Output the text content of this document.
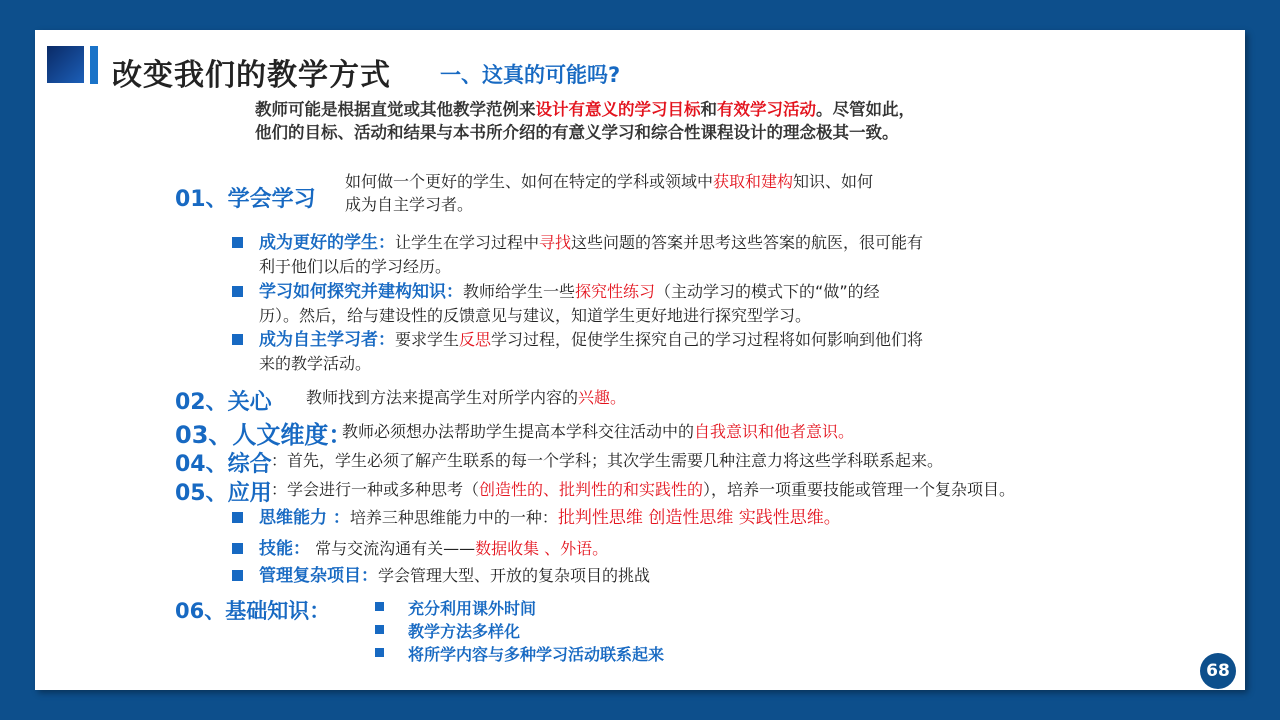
改变我们的教学方式 一、这真的可能吗?
教师可能是根据直觉或其他教学范例来设计有意义的学习目标和有效学习活动。尽管如此，
他们的目标、活动和结果与本书所介绍的有意义学习和综合性课程设计的理念极其一致。
01、学会学习
如何做一个更好的学生、如何在特定的学科或领域中获取和建构知识、如何
成为自主学习者。
成为更好的学生：让学生在学习过程中寻找这些问题的答案并思考这些答案的航医，很可能有
利于他们以后的学习经历。
学习如何探究并建构知识：教师给学生一些探究性练习（主动学习的模式下的“做”的经
历）。然后，给与建设性的反馈意见与建议，知道学生更好地进行探究型学习。
成为自主学习者：要求学生反思学习过程，促使学生探究自己的学习过程将如何影响到他们将
来的教学活动。
02、关心 教师找到方法来提高学生对所学内容的兴趣。
03、人文维度：
教师必须想办法帮助学生提高本学科交往活动中的自我意识和他者意识。
04、综合 ：首先，学生必须了解产生联系的每一个学科；其次学生需要几种注意力将这些学科联系起来。
05、应用 ：学会进行一种或多种思考（创造性的、批判性的和实践性的），培养一项重要技能或管理一个复杂项目。
思维能力 ：培养三种思维能力中的一种：批判性思维 创造性思维 实践性思维。
技能： 常与交流沟通有关——数据收集 、外语。
管理复杂项目：学会管理大型、开放的复杂项目的挑战
06、基础知识：	充分利用课外时间
教学方法多样化
将所学内容与多种学习活动联系起来
68
